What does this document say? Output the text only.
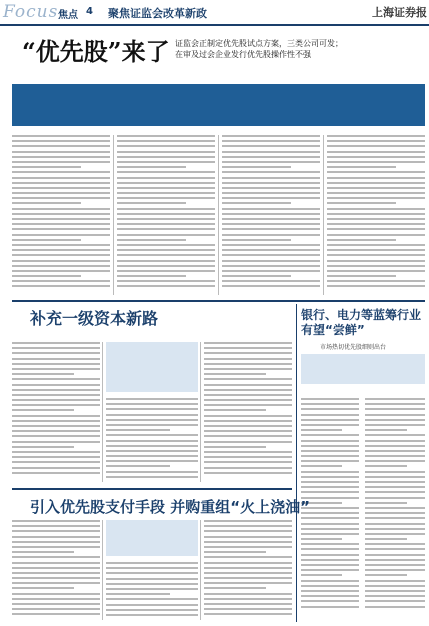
Focus 焦点 4 聚焦证监会改革新政	上海证券报
“优先股”来了 证监会正制定优先股试点方案，三类公司可发；
在审及过会企业发行优先股操作性不强
补充一级资本新路	银行、电力等蓝筹行业
有望“尝鲜”
市场热切优先股细则出台
引入优先股支付手段 并购重组“火上浇油”
